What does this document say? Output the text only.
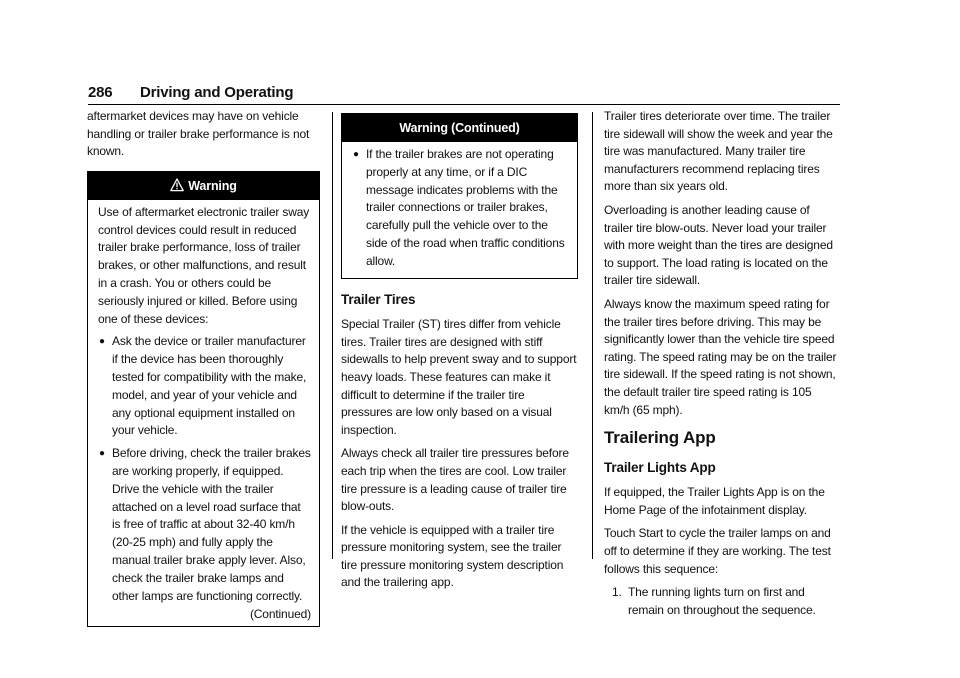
286 Driving and Operating

aftermarket devices may have on vehicle handling or trailer brake performance is not known.

Warning

Use of aftermarket electronic trailer sway control devices could result in reduced trailer brake performance, loss of trailer brakes, or other malfunctions, and result in a crash. You or others could be seriously injured or killed. Before using one of these devices:

● Ask the device or trailer manufacturer if the device has been thoroughly tested for compatibility with the make, model, and year of your vehicle and any optional equipment installed on your vehicle.
● Before driving, check the trailer brakes are working properly, if equipped. Drive the vehicle with the trailer attached on a level road surface that is free of traffic at about 32-40 km/h (20-25 mph) and fully apply the manual trailer brake apply lever. Also, check the trailer brake lamps and other lamps are functioning correctly.
(Continued)
Warning (Continued)
● If the trailer brakes are not operating properly at any time, or if a DIC message indicates problems with the trailer connections or trailer brakes, carefully pull the vehicle over to the side of the road when traffic conditions allow.
Trailer Tires

Special Trailer (ST) tires differ from vehicle tires. Trailer tires are designed with stiff sidewalls to help prevent sway and to support heavy loads. These features can make it difficult to determine if the trailer tire pressures are low only based on a visual inspection.

Always check all trailer tire pressures before each trip when the tires are cool. Low trailer tire pressure is a leading cause of trailer tire blow-outs.

If the vehicle is equipped with a trailer tire pressure monitoring system, see the trailer tire pressure monitoring system description and the trailering app.

Trailer tires deteriorate over time. The trailer tire sidewall will show the week and year the tire was manufactured. Many trailer tire manufacturers recommend replacing tires more than six years old.

Overloading is another leading cause of trailer tire blow-outs. Never load your trailer with more weight than the tires are designed to support. The load rating is located on the trailer tire sidewall.

Always know the maximum speed rating for the trailer tires before driving. This may be significantly lower than the vehicle tire speed rating. The speed rating may be on the trailer tire sidewall. If the speed rating is not shown, the default trailer tire speed rating is 105 km/h (65 mph).

Trailering App
Trailer Lights App

If equipped, the Trailer Lights App is on the Home Page of the infotainment display.

Touch Start to cycle the trailer lamps on and off to determine if they are working. The test follows this sequence:

1. The running lights turn on first and remain on throughout the sequence.
